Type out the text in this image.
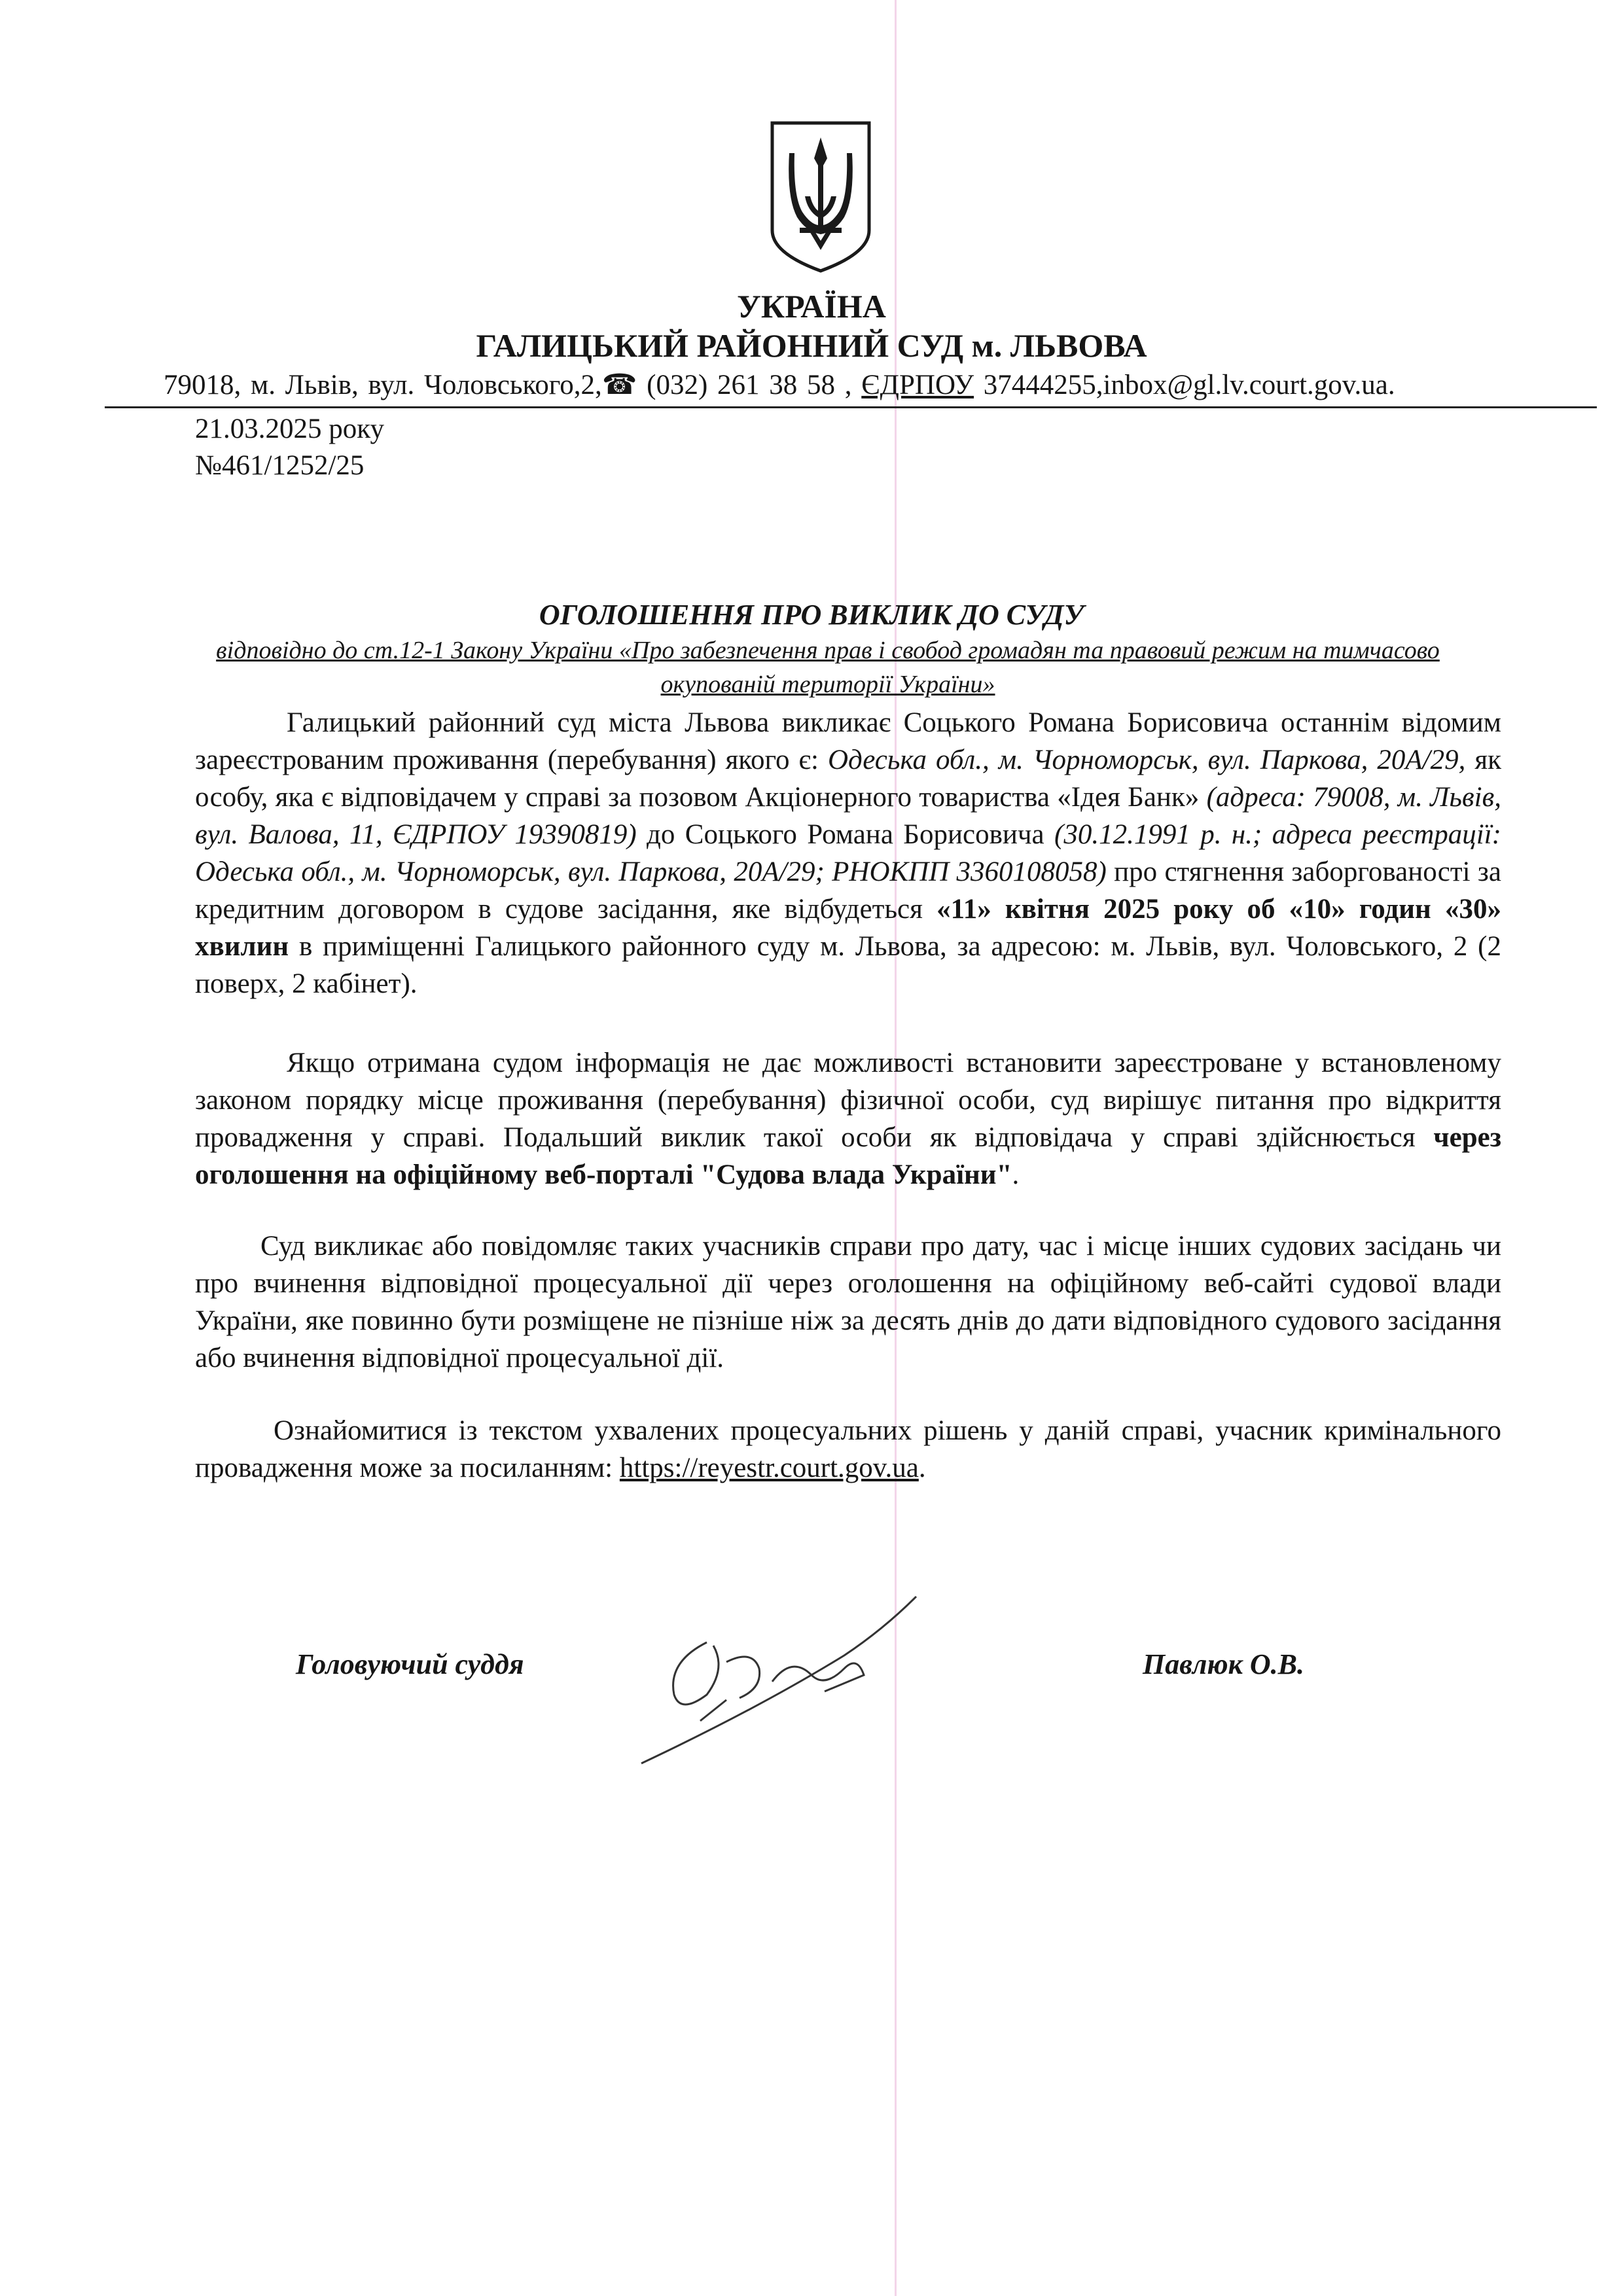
УКРАЇНА
ГАЛИЦЬКИЙ РАЙОННИЙ СУД м. ЛЬВОВА
79018, м. Львів, вул. Чоловського,2,☎ (032) 261 38 58 , ЄДРПОУ 37444255,inbox@gl.lv.court.gov.ua.
21.03.2025 року
№461/1252/25
ОГОЛОШЕННЯ ПРО ВИКЛИК ДО СУДУ
відповідно до ст.12-1 Закону України «Про забезпечення прав і свобод громадян та правовий режим на тимчасово окупованій території України»

Галицький районний суд міста Львова викликає Соцького Романа Борисовича останнім відомим зареєстрованим проживання (перебування) якого є: Одеська обл., м. Чорноморськ, вул. Паркова, 20А/29, як особу, яка є відповідачем у справі за позовом Акціонерного товариства «Ідея Банк» (адреса: 79008, м. Львів, вул. Валова, 11, ЄДРПОУ 19390819) до Соцького Романа Борисовича (30.12.1991 р. н.; адреса реєстрації: Одеська обл., м. Чорноморськ, вул. Паркова, 20А/29; РНОКПП 3360108058) про стягнення заборгованості за кредитним договором в судове засідання, яке відбудеться «11» квітня 2025 року об «10» годин «30» хвилин в приміщенні Галицького районного суду м. Львова, за адресою: м. Львів, вул. Чоловського, 2 (2 поверх, 2 кабінет).

Якщо отримана судом інформація не дає можливості встановити зареєстроване у встановленому законом порядку місце проживання (перебування) фізичної особи, суд вирішує питання про відкриття провадження у справі. Подальший виклик такої особи як відповідача у справі здійснюється через оголошення на офіційному веб-порталі "Судова влада України".

Суд викликає або повідомляє таких учасників справи про дату, час і місце інших судових засідань чи про вчинення відповідної процесуальної дії через оголошення на офіційному веб-сайті судової влади України, яке повинно бути розміщене не пізніше ніж за десять днів до дати відповідного судового засідання або вчинення відповідної процесуальної дії.

Ознайомитися із текстом ухвалених процесуальних рішень у даній справі, учасник кримінального провадження може за посиланням: https://reyestr.court.gov.ua.

Головуючий суддя	Павлюк О.В.
